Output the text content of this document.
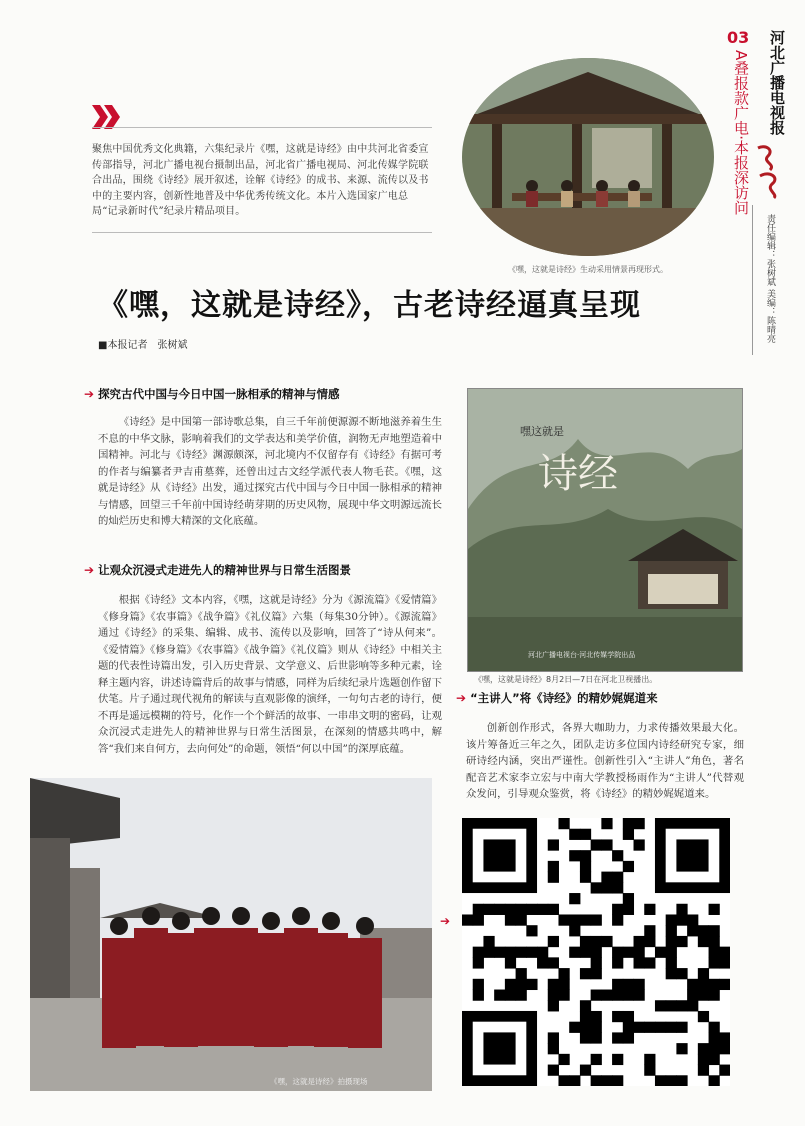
河北广播电视报
03
A叠报款广电·本报深访问
责任编辑：张树斌 美编：陈晴亮
聚焦中国优秀文化典籍，六集纪录片《嘿，这就是诗经》由中共河北省委宣传部指导，河北广播电视台摄制出品，河北省广播电视局、河北传媒学院联合出品，围绕《诗经》展开叙述，诠解《诗经》的成书、来源、流传以及书中的主要内容，创新性地普及中华优秀传统文化。本片入选国家广电总局“记录新时代”纪录片精品项目。
《嘿，这就是诗经》生动采用情景再现形式。
《嘿，这就是诗经》，古老诗经逼真呈现
■本报记者　张树斌
➔ 探究古代中国与今日中国一脉相承的精神与情感
《诗经》是中国第一部诗歌总集，自三千年前便源源不断地滋养着生生不息的中华文脉，影响着我们的文学表达和美学价值，润物无声地塑造着中国精神。河北与《诗经》渊源颇深，河北境内不仅留存有《诗经》有据可考的作者与编纂者尹吉甫墓葬，还曾出过古文经学派代表人物毛苌。《嘿，这就是诗经》从《诗经》出发，通过探究古代中国与今日中国一脉相承的精神与情感，回望三千年前中国诗经萌芽期的历史风物，展现中华文明源远流长的灿烂历史和博大精深的文化底蕴。
➔ 让观众沉浸式走进先人的精神世界与日常生活图景
根据《诗经》文本内容，《嘿，这就是诗经》分为《源流篇》《爱情篇》《修身篇》《农事篇》《战争篇》《礼仪篇》六集（每集30分钟）。《源流篇》通过《诗经》的采集、编辑、成书、流传以及影响，回答了“诗从何来”。《爱情篇》《修身篇》《农事篇》《战争篇》《礼仪篇》则从《诗经》中相关主题的代表性诗篇出发，引入历史背景、文学意义、后世影响等多种元素，诠释主题内容，讲述诗篇背后的故事与情感，同样为后续纪录片选题创作留下伏笔。片子通过现代视角的解读与直观影像的演绎，一句句古老的诗行，便不再是遥远模糊的符号，化作一个个鲜活的故事、一串串文明的密码，让观众沉浸式走进先人的精神世界与日常生活图景，在深刻的情感共鸣中，解答“我们来自何方，去向何处”的命题，领悟“何以中国”的深厚底蕴。
嘿这就是
诗经
河北广播电视台·河北传媒学院出品
《嘿，这就是诗经》8月2日—7日在河北卫视播出。
➔ “主讲人”将《诗经》的精妙娓娓道来
创新创作形式，各界大咖助力，力求传播效果最大化。该片筹备近三年之久，团队走访多位国内诗经研究专家，细研诗经内涵，突出严谨性。创新性引入“主讲人”角色，著名配音艺术家李立宏与中南大学教授杨雨作为“主讲人”代替观众发问，引导观众鉴赏，将《诗经》的精妙娓娓道来。
《嘿，这就是诗经》拍摄现场
➔
